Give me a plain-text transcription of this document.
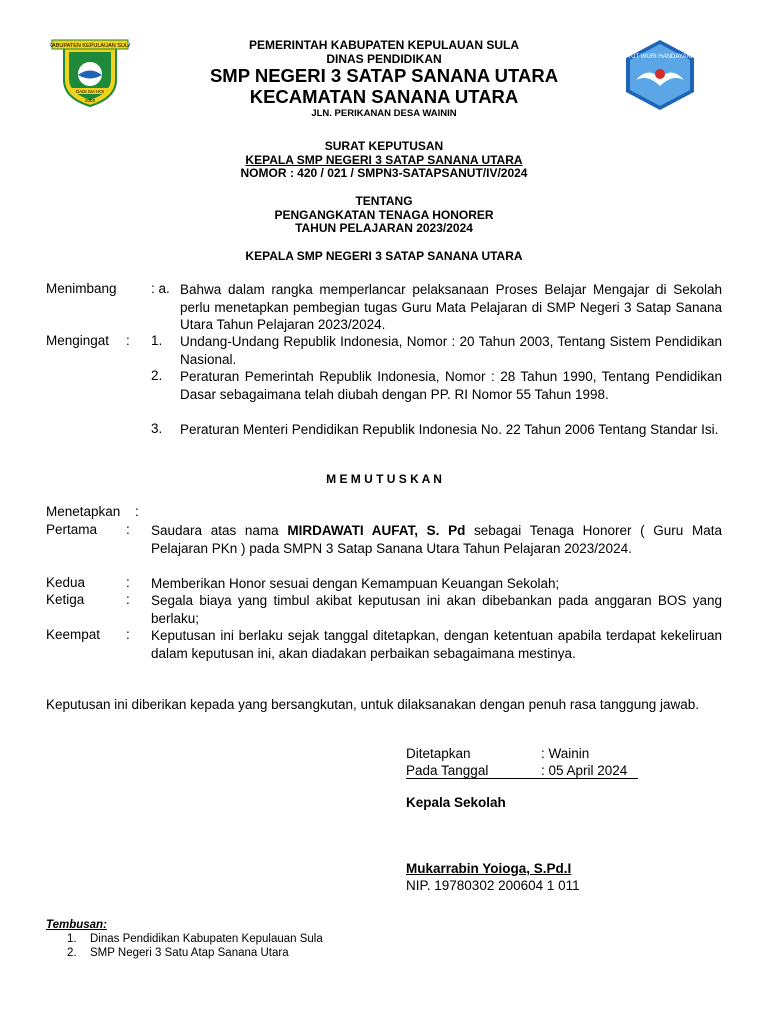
KABUPATEN KEPULAUAN SULA
DADI SIA HOI
2003
TUT WURI HANDAYANI
PEMERINTAH KABUPATEN KEPULAUAN SULA
DINAS PENDIDIKAN
SMP NEGERI 3 SATAP SANANA UTARA
KECAMATAN SANANA UTARA
JLN. PERIKANAN DESA WAININ
SURAT KEPUTUSAN
KEPALA SMP NEGERI 3 SATAP SANANA UTARA
NOMOR : 420 / 021 / SMPN3-SATAPSANUT/IV/2024
TENTANG
PENGANGKATAN TENAGA HONORER
TAHUN PELAJARAN 2023/2024
KEPALA SMP NEGERI 3 SATAP SANANA UTARA
Menimbang	: a. Bahwa dalam rangka memperlancar pelaksanaan Proses Belajar Mengajar di Sekolah perlu menetapkan pembegian tugas Guru Mata Pelajaran di SMP Negeri 3 Satap Sanana Utara Tahun Pelajaran 2023/2024.
Mengingat : 1. Undang-Undang Republik Indonesia, Nomor : 20 Tahun 2003, Tentang Sistem Pendidikan Nasional.
2. Peraturan Pemerintah Republik Indonesia, Nomor : 28 Tahun 1990, Tentang Pendidikan Dasar sebagaimana telah diubah dengan PP. RI Nomor 55 Tahun 1998.
3. Peraturan Menteri Pendidikan Republik Indonesia No. 22 Tahun 2006 Tentang Standar Isi.
M E M U T U S K A N
Menetapkan :
Pertama : Saudara atas nama MIRDAWATI AUFAT, S. Pd sebagai Tenaga Honorer ( Guru Mata Pelajaran PKn ) pada SMPN 3 Satap Sanana Utara Tahun Pelajaran 2023/2024.
Kedua	: Memberikan Honor sesuai dengan Kemampuan Keuangan Sekolah;
Ketiga	: Segala biaya yang timbul akibat keputusan ini akan dibebankan pada anggaran BOS yang berlaku;
Keempat : Keputusan ini berlaku sejak tanggal ditetapkan, dengan ketentuan apabila terdapat kekeliruan dalam keputusan ini, akan diadakan perbaikan sebagaimana mestinya.
Keputusan ini diberikan kepada yang bersangkutan, untuk dilaksanakan dengan penuh rasa tanggung jawab.
Ditetapkan	: Wainin
Pada Tanggal	: 05 April 2024
Kepala Sekolah
Mukarrabin Yoioga, S.Pd.I
NIP. 19780302 200604 1 011
Tembusan:
1. Dinas Pendidikan Kabupaten Kepulauan Sula
2. SMP Negeri 3 Satu Atap Sanana Utara
